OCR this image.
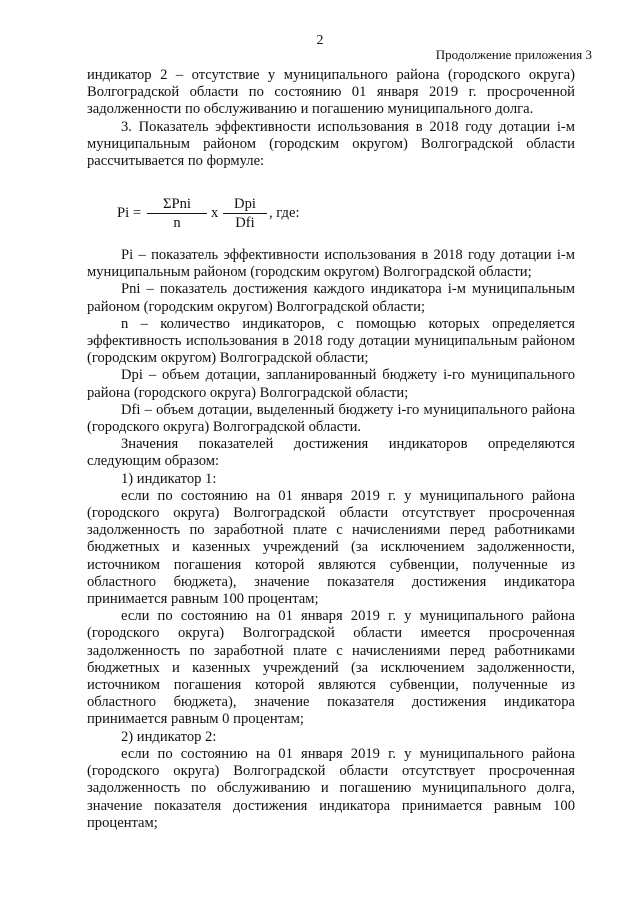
2
Продолжение приложения 3

индикатор 2 – отсутствие у муниципального района (городского округа) Волгоградской области по состоянию 01 января 2019 г. просроченной задолженности по обслуживанию и погашению муниципального долга.

3. Показатель эффективности использования в 2018 году дотации i-м муниципальным районом (городским округом) Волгоградской области рассчитывается по формуле:

Pi =
ΣPni
n
x
Dpi
Dfi
, где:

Pi – показатель эффективности использования в 2018 году дотации i-м муниципальным районом (городским округом) Волгоградской области;

Pni – показатель достижения каждого индикатора i-м муниципальным районом (городским округом) Волгоградской области;

n – количество индикаторов, с помощью которых определяется эффективность использования в 2018 году дотации муниципальным районом (городским округом) Волгоградской области;

Dpi – объем дотации, запланированный бюджету i-го муниципального района (городского округа) Волгоградской области;

Dfi – объем дотации, выделенный бюджету i-го муниципального района (городского округа) Волгоградской области.

Значения показателей достижения индикаторов определяются следующим образом:

1) индикатор 1:

если по состоянию на 01 января 2019 г. у муниципального района (городского округа) Волгоградской области отсутствует просроченная задолженность по заработной плате с начислениями перед работниками бюджетных и казенных учреждений (за исключением задолженности, источником погашения которой являются субвенции, полученные из областного бюджета), значение показателя достижения индикатора принимается равным 100 процентам;

если по состоянию на 01 января 2019 г. у муниципального района (городского округа) Волгоградской области имеется просроченная задолженность по заработной плате с начислениями перед работниками бюджетных и казенных учреждений (за исключением задолженности, источником погашения которой являются субвенции, полученные из областного бюджета), значение показателя достижения индикатора принимается равным 0 процентам;

2) индикатор 2:

если по состоянию на 01 января 2019 г. у муниципального района (городского округа) Волгоградской области отсутствует просроченная задолженность по обслуживанию и погашению муниципального долга, значение показателя достижения индикатора принимается равным 100 процентам;
